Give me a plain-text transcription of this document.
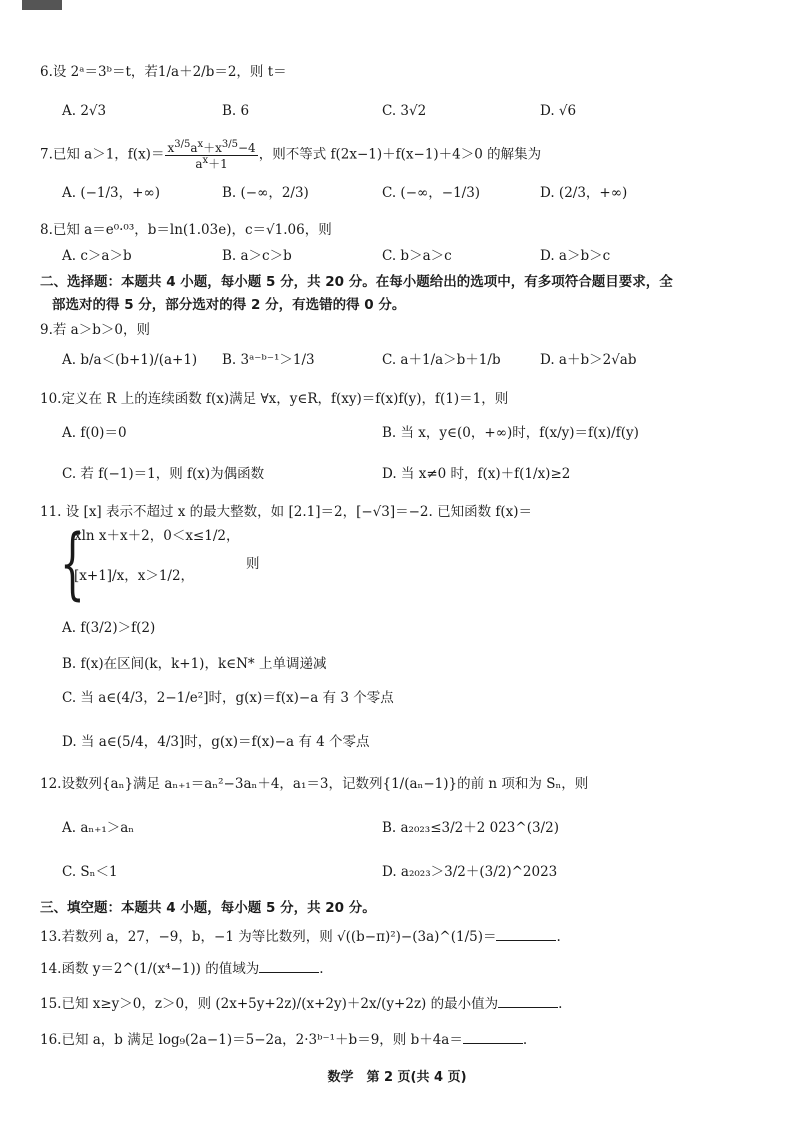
6.设 2ᵃ＝3ᵇ＝t，若1/a＋2/b＝2，则 t＝
A. 2√3	B. 6	C. 3√2	D. √6
7.已知 a＞1，$f(x)= \frac{x^{3/5}a^x+x^{3/5}-4}{a^x+1}$ ，则不等式 f(2x−1)＋f(x−1)＋4＞0 的解集为
A. (−1/3，+∞)	B. (−∞，2/3)	C. (−∞，−1/3)	D. (2/3，+∞)
8.已知 a＝e⁰·⁰³，b＝ln(1.03e)，c＝√1.06，则
A. c＞a＞b	B. a＞c＞b	C. b＞a＞c	D. a＞b＞c
二、选择题：本题共 4 小题，每小题 5 分，共 20 分。在每小题给出的选项中，有多项符合题目要求，全
部选对的得 5 分，部分选对的得 2 分，有选错的得 0 分。
9.若 a＞b＞0，则
A. b/a＜(b+1)/(a+1) B. 3ᵃ⁻ᵇ⁻¹＞1/3	C. a＋1/a＞b＋1/b	D. a＋b＞2√ab
10.定义在 R 上的连续函数 f(x)满足 ∀x，y∈R，f(xy)＝f(x)f(y)，f(1)＝1，则
A. f(0)＝0	B. 当 x，y∈(0，+∞)时，f(x/y)＝f(x)/f(y)
C. 若 f(−1)＝1，则 f(x)为偶函数	D. 当 x≠0 时，f(x)＋f(1/x)≥2
11. 设 [x] 表示不超过 x 的最大整数，如 [2.1]＝2，[−√3]＝−2. 已知函数 f(x)＝
{
xln x＋x＋2，0＜x≤1/2，
[x+1]/x，x＞1/2，
则
A. f(3/2)＞f(2)
B. f(x)在区间(k，k+1)，k∈N* 上单调递减
C. 当 a∈(4/3，2−1/e²]时，g(x)＝f(x)−a 有 3 个零点
D. 当 a∈(5/4，4/3]时，g(x)＝f(x)−a 有 4 个零点
12.设数列{aₙ}满足 aₙ₊₁＝aₙ²−3aₙ＋4，a₁＝3，记数列{1/(aₙ−1)}的前 n 项和为 Sₙ，则
A. aₙ₊₁＞aₙ	B. a₂₀₂₃≤3/2＋2 023^(3/2)
C. Sₙ＜1	D. a₂₀₂₃＞3/2＋(3/2)^2023
三、填空题：本题共 4 小题，每小题 5 分，共 20 分。
13.若数列 a，27，−9，b，−1 为等比数列，则 √((b−π)²)−(3a)^(1/5)＝	.
14.函数 y＝2^(1/(x⁴−1)) 的值域为	.
15.已知 x≥y＞0，z＞0，则 (2x+5y+2z)/(x+2y)＋2x/(y+2z) 的最小值为	.
16.已知 a，b 满足 log₉(2a−1)＝5−2a，2·3ᵇ⁻¹＋b＝9，则 b＋4a＝	.
数学　第 2 页(共 4 页)
